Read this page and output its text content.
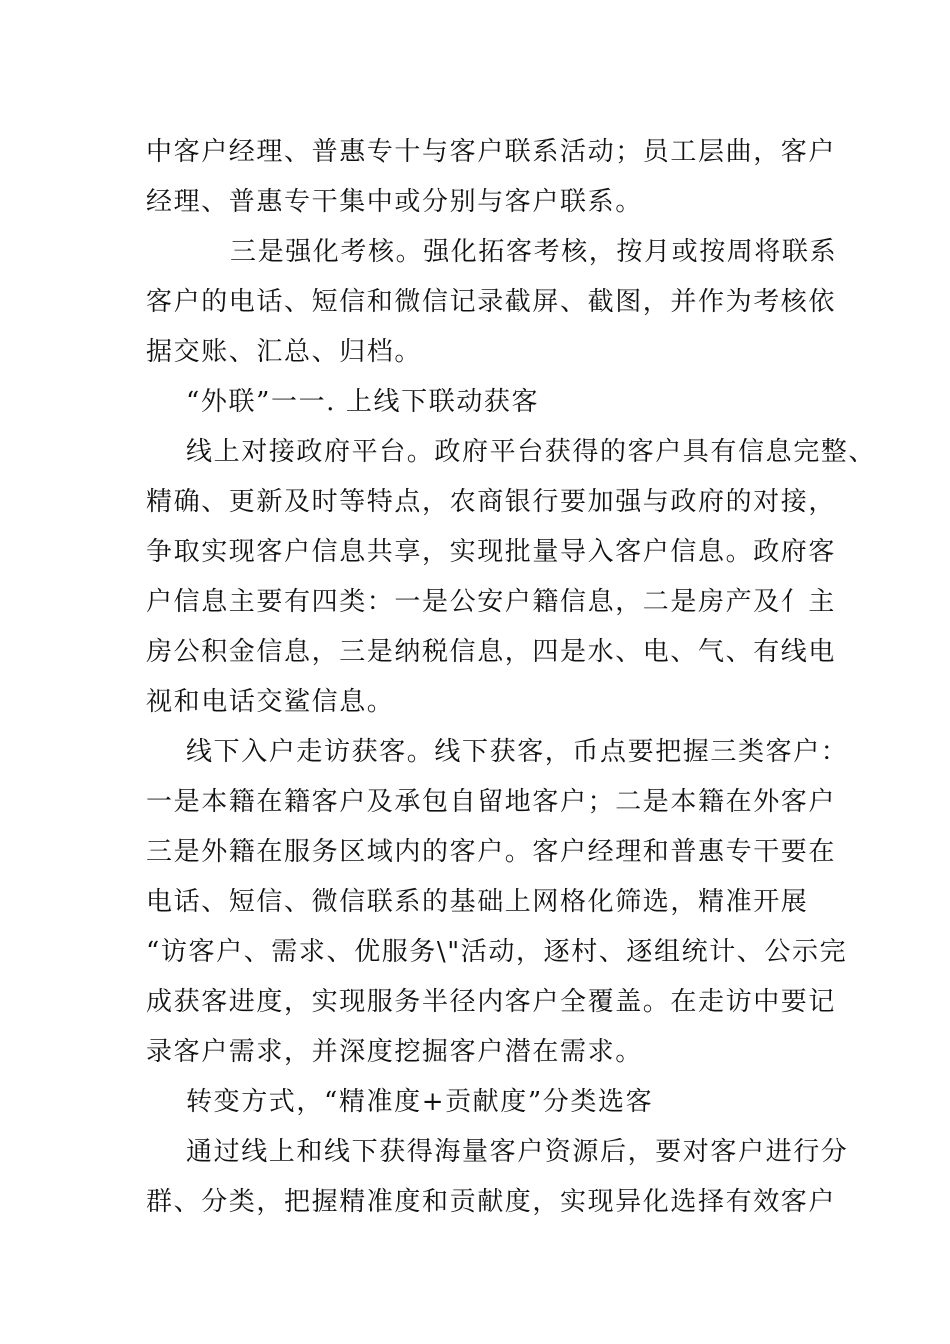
中客户经理、普惠专十与客户联系活动；员工层曲，客户
经理、普惠专干集中或分别与客户联系。
三是强化考核。强化拓客考核，按月或按周将联系
客户的电话、短信和微信记录截屏、截图，并作为考核依
据交账、汇总、归档。
“外联”一一. 上线下联动获客
线上对接政府平台。政府平台获得的客户具有信息完整、
精确、更新及时等特点，农商银行要加强与政府的对接，
争取实现客户信息共享，实现批量导入客户信息。政府客
户信息主要有四类：一是公安户籍信息，二是房产及亻主
房公积金信息，三是纳税信息，四是水、电、气、有线电
视和电话交鲨信息。
线下入户走访获客。线下获客，币点要把握三类客户：
一是本籍在籍客户及承包自留地客户；二是本籍在外客户
三是外籍在服务区域内的客户。客户经理和普惠专干要在
电话、短信、微信联系的基础上网格化筛选，精准开展
“访客户、需求、优服务\"活动，逐村、逐组统计、公示完
成获客进度，实现服务半径内客户全覆盖。在走访中要记
录客户需求，并深度挖掘客户潜在需求。
转变方式，“精准度+贡献度”分类选客
通过线上和线下获得海量客户资源后，要对客户进行分
群、分类，把握精准度和贡献度，实现异化选择有效客户
